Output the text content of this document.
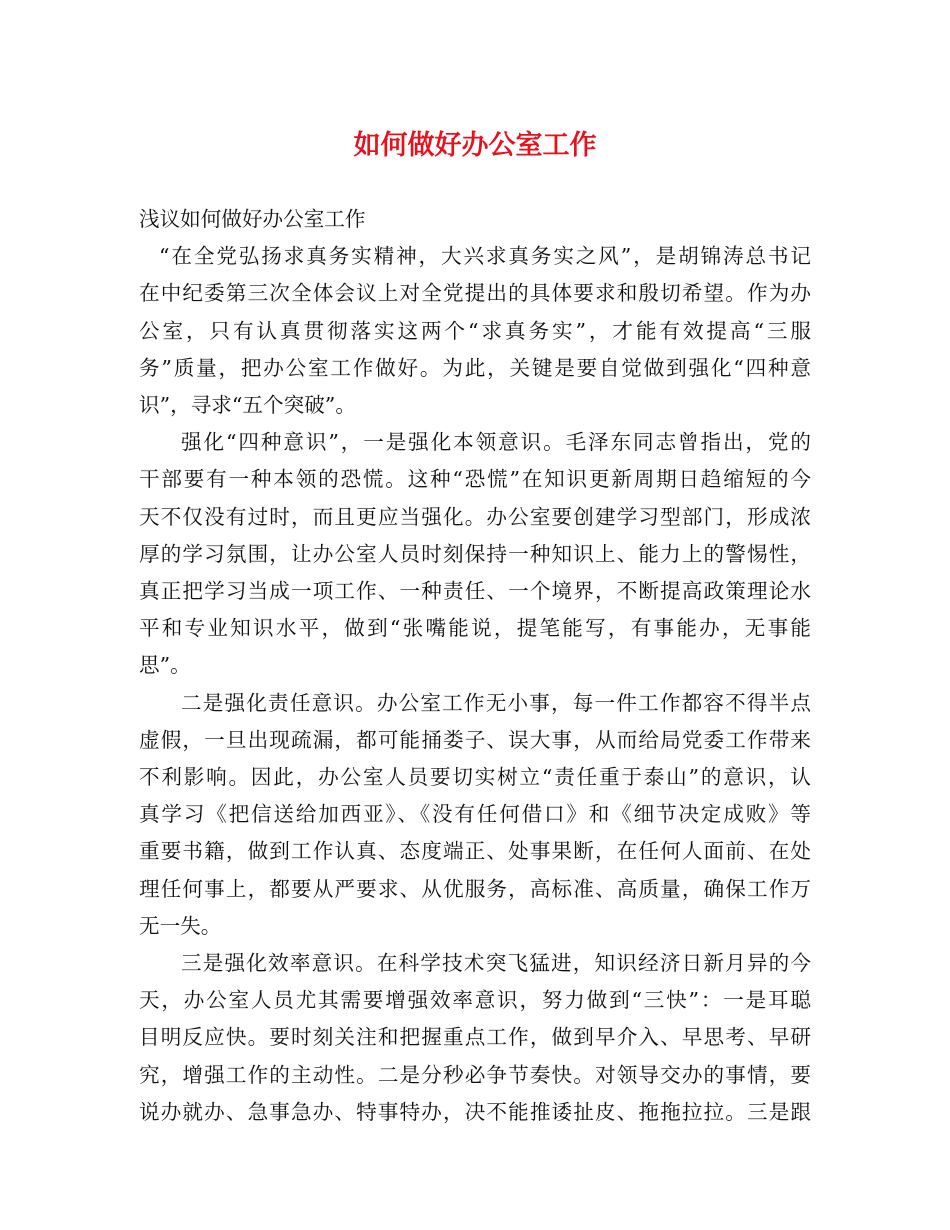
如何做好办公室工作

浅议如何做好办公室工作

“在全党弘扬求真务实精神，大兴求真务实之风”，是胡锦涛总书记
在中纪委第三次全体会议上对全党提出的具体要求和殷切希望。作为办
公室，只有认真贯彻落实这两个“求真务实”，才能有效提高“三服
务”质量，把办公室工作做好。为此，关键是要自觉做到强化“四种意
识”，寻求“五个突破”。
强化“四种意识”，一是强化本领意识。毛泽东同志曾指出，党的
干部要有一种本领的恐慌。这种“恐慌”在知识更新周期日趋缩短的今
天不仅没有过时，而且更应当强化。办公室要创建学习型部门，形成浓
厚的学习氛围，让办公室人员时刻保持一种知识上、能力上的警惕性，
真正把学习当成一项工作、一种责任、一个境界，不断提高政策理论水
平和专业知识水平，做到“张嘴能说，提笔能写，有事能办，无事能
思”。
二是强化责任意识。办公室工作无小事，每一件工作都容不得半点
虚假，一旦出现疏漏，都可能捅娄子、误大事，从而给局党委工作带来
不利影响。因此，办公室人员要切实树立“责任重于泰山”的意识，认
真学习《把信送给加西亚》、《没有任何借口》和《细节决定成败》等
重要书籍，做到工作认真、态度端正、处事果断，在任何人面前、在处
理任何事上，都要从严要求、从优服务，高标准、高质量，确保工作万
无一失。
三是强化效率意识。在科学技术突飞猛进，知识经济日新月异的今
天，办公室人员尤其需要增强效率意识，努力做到“三快”：一是耳聪
目明反应快。要时刻关注和把握重点工作，做到早介入、早思考、早研
究，增强工作的主动性。二是分秒必争节奏快。对领导交办的事情，要
说办就办、急事急办、特事特办，决不能推诿扯皮、拖拖拉拉。三是跟
